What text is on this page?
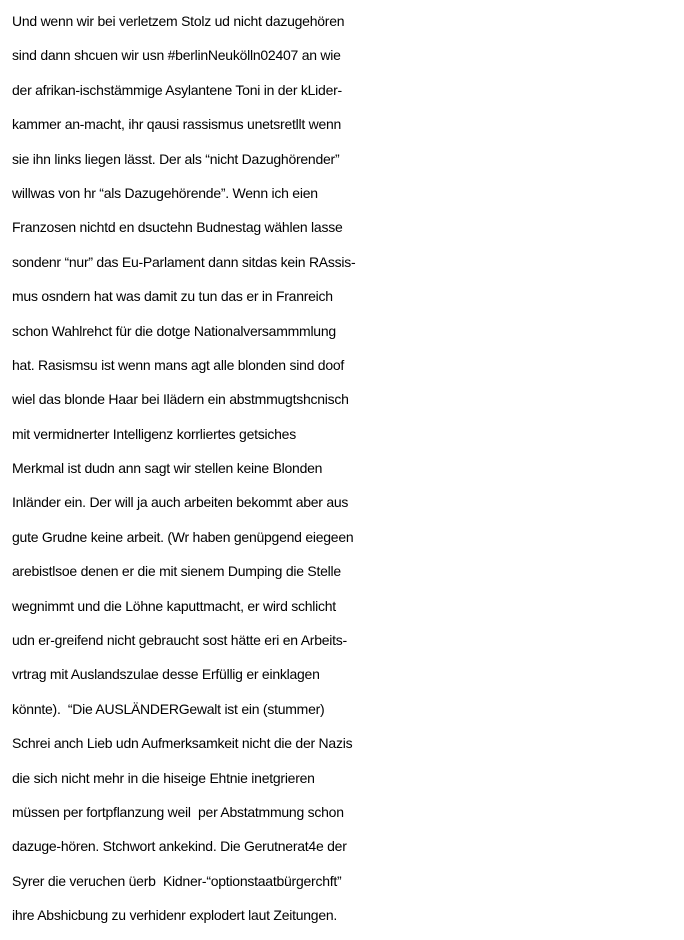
Und wenn wir bei verletzem Stolz ud nicht dazugehören
sind dann shcuen wir usn #berlinNeukölln02407 an wie
der afrikan-ischstämmige Asylantene Toni in der kLider-
kammer an-macht, ihr qausi rassismus unetsretllt wenn
sie ihn links liegen lässt. Der als “nicht Dazughörender”
willwas von hr “als Dazugehörende”. Wenn ich eien
Franzosen nichtd en dsuctehn Budnestag wählen lasse
sondenr “nur” das Eu-Parlament dann sitdas kein RAssis-
mus osndern hat was damit zu tun das er in Franreich
schon Wahlrehct für die dotge Nationalversammmlung
hat. Rasismsu ist wenn mans agt alle blonden sind doof
wiel das blonde Haar bei Ilädern ein abstmmugtshcnisch
mit vermidnerter Intelligenz korrliertes getsiches
Merkmal ist dudn ann sagt wir stellen keine Blonden
Inländer ein. Der will ja auch arbeiten bekommt aber aus
gute Grudne keine arbeit. (Wr haben genüpgend eiegeen
arebistlsoe denen er die mit sienem Dumping die Stelle
wegnimmt und die Löhne kaputtmacht, er wird schlicht
udn er-greifend nicht gebraucht sost hätte eri en Arbeits-
vrtrag mit Auslandszulae desse Erfüllig er einklagen
könnte).  “Die AUSLÄNDERGewalt ist ein (stummer)
Schrei anch Lieb udn Aufmerksamkeit nicht die der Nazis
die sich nicht mehr in die hiseige Ehtnie inetgrieren
müssen per fortpflanzung weil  per Abstatmmung schon
dazuge-hören. Stchwort ankekind. Die Gerutnerat4e der
Syrer die veruchen üerb  Kidner-“optionstaatbürgerchft”
ihre Abshicbung zu verhidenr explodert laut Zeitungen.
